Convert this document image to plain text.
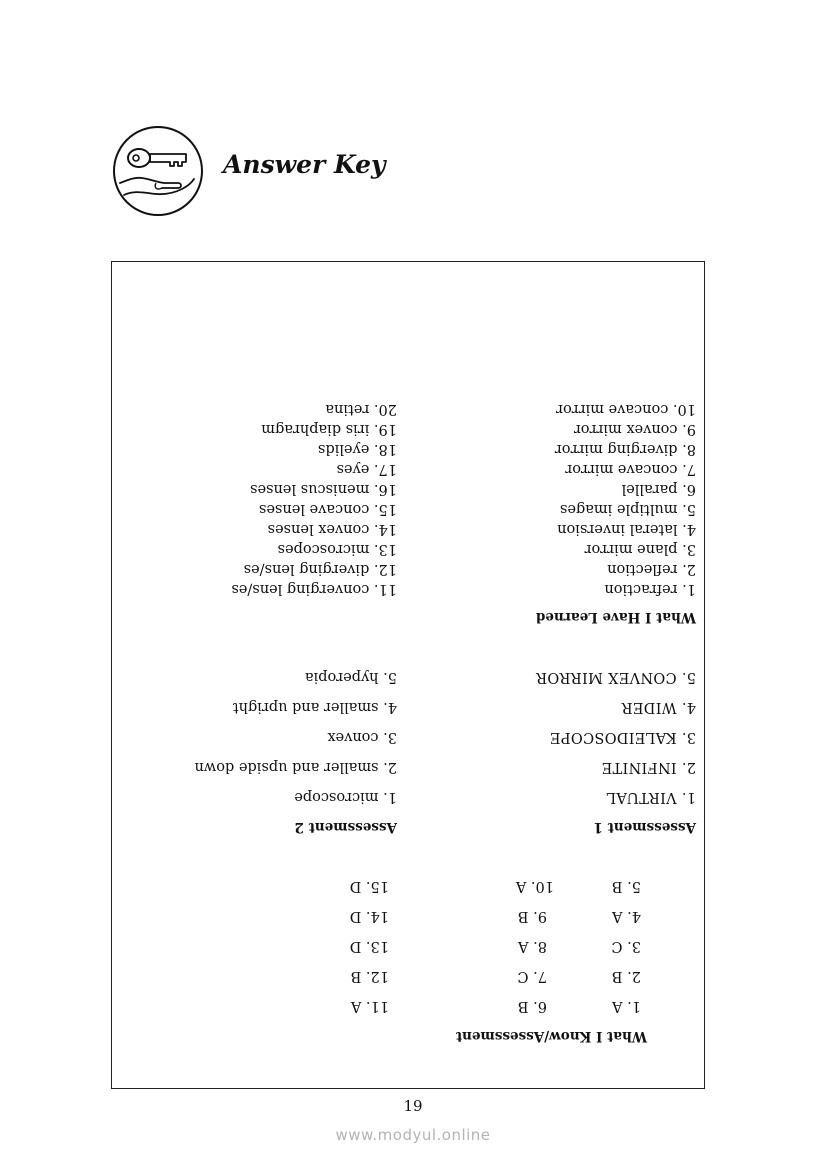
Answer Key
What I Know/Assessment
1. A
2. B
3. C
4. A
5. B
6. B
7. C
8. A
9. B
10. A
11. A
12. B
13. D
14. D
15. D
Assessment 1
1. VIRTUAL
2. INFINITE
3. KALEIDOSCOPE
4. WIDER
5. CONVEX MIRROR
Assessment 2
1. microscope
2. smaller and upside down
3. convex
4. smaller and upright
5. hyperopia
What I Have Learned
1. refraction
2. reflection
3. plane mirror
4. lateral inversion
5. multiple images
6. parallel
7. concave mirror
8. diverging mirror
9. convex mirror
10. concave mirror
11. converging lens/es
12. diverging lens/es
13. microscopes
14. convex lenses
15. concave lenses
16. meniscus lenses
17. eyes
18. eyelids
19. iris diaphragm
20. retina
19
www.modyul.online
